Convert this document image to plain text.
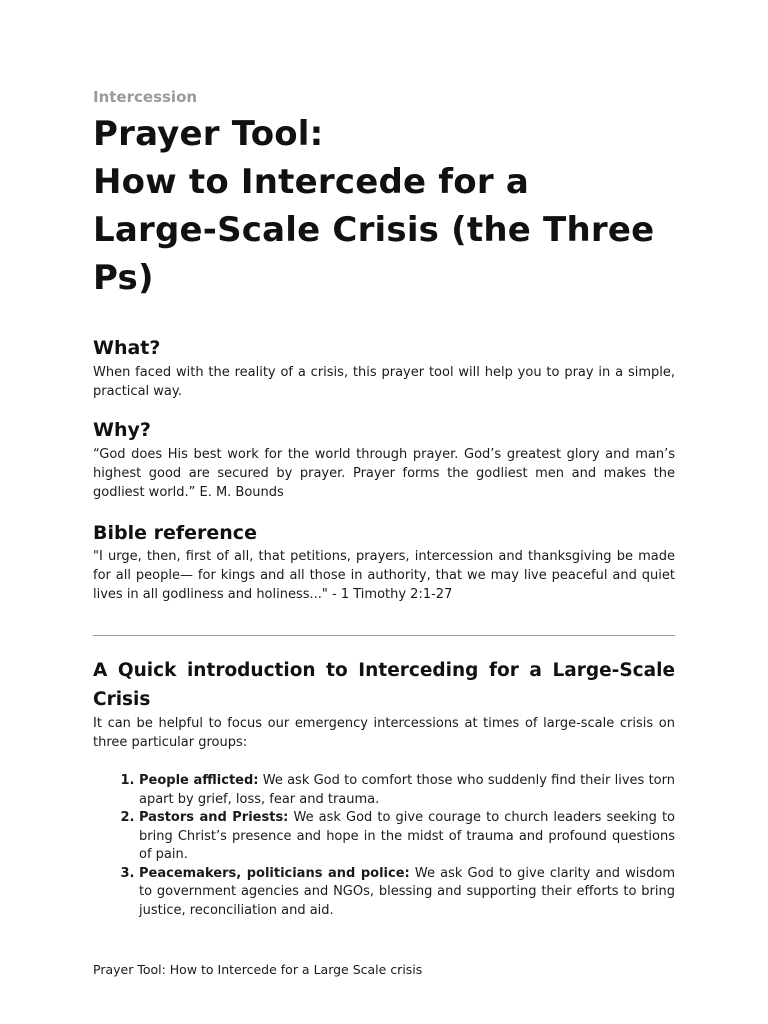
Intercession

Prayer Tool:
How to Intercede for a
Large-Scale Crisis (the Three
Ps)
What?

When faced with the reality of a crisis, this prayer tool will help you to pray in a simple, practical way.

Why?

“God does His best work for the world through prayer. God’s greatest glory and man’s highest good are secured by prayer. Prayer forms the godliest men and makes the godliest world.” E. M. Bounds

Bible reference

"I urge, then, first of all, that petitions, prayers, intercession and thanksgiving be made for all people— for kings and all those in authority, that we may live peaceful and quiet lives in all godliness and holiness..." - 1 Timothy 2:1-27

A Quick introduction to Interceding for a Large-Scale Crisis

It can be helpful to focus our emergency intercessions at times of large-scale crisis on three particular groups:

1. People afflicted: We ask God to comfort those who suddenly find their lives torn apart by grief, loss, fear and trauma.
2. Pastors and Priests: We ask God to give courage to church leaders seeking to bring Christ’s presence and hope in the midst of trauma and profound questions of pain.
3. Peacemakers, politicians and police: We ask God to give clarity and wisdom to government agencies and NGOs, blessing and supporting their efforts to bring justice, reconciliation and aid.
Prayer Tool: How to Intercede for a Large Scale crisis
